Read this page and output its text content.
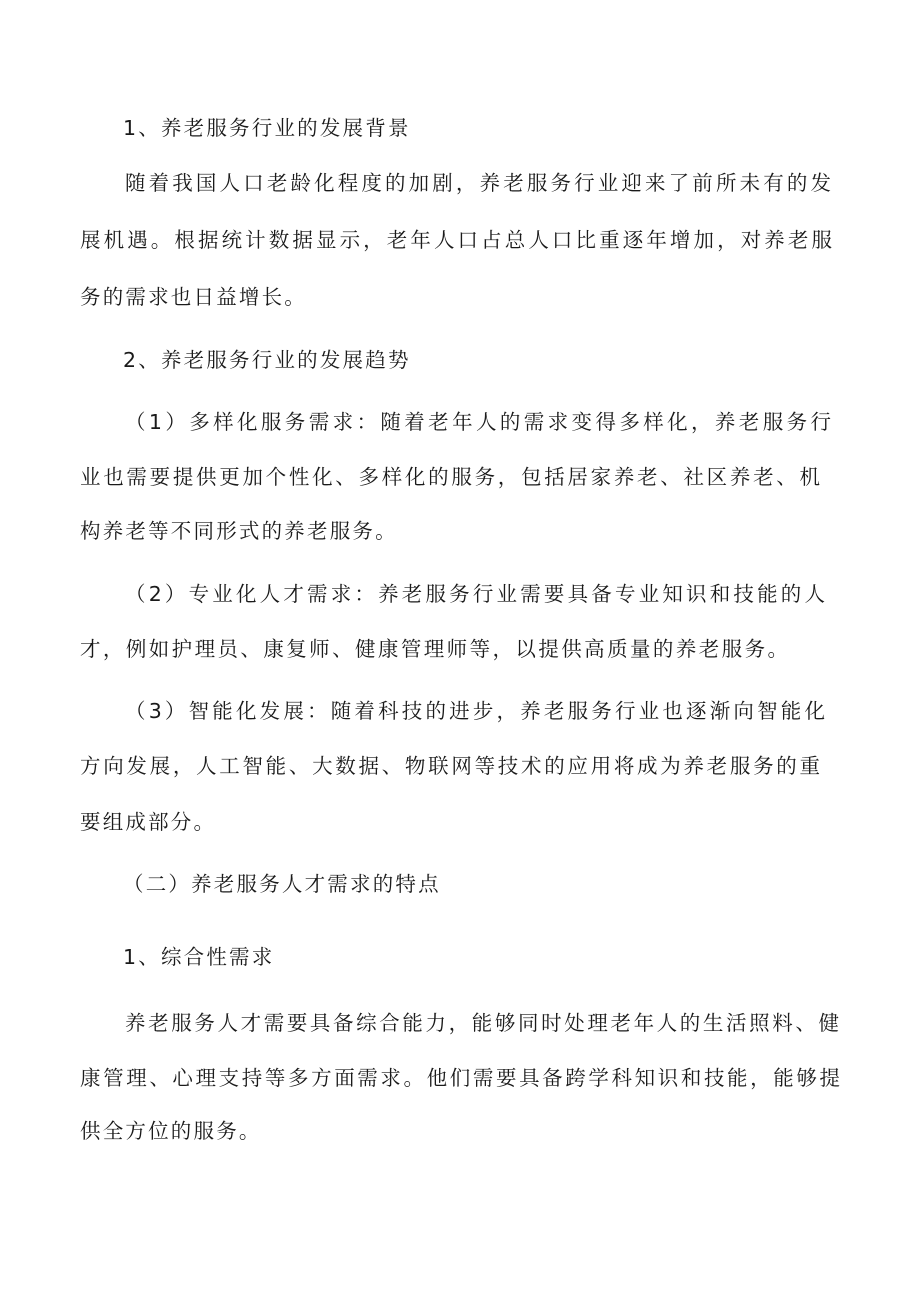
1、养老服务行业的发展背景
随着我国人口老龄化程度的加剧，养老服务行业迎来了前所未有的发
展机遇。根据统计数据显示，老年人口占总人口比重逐年增加，对养老服
务的需求也日益增长。
2、养老服务行业的发展趋势
（1）多样化服务需求：随着老年人的需求变得多样化，养老服务行
业也需要提供更加个性化、多样化的服务，包括居家养老、社区养老、机
构养老等不同形式的养老服务。
（2）专业化人才需求：养老服务行业需要具备专业知识和技能的人
才，例如护理员、康复师、健康管理师等，以提供高质量的养老服务。
（3）智能化发展：随着科技的进步，养老服务行业也逐渐向智能化
方向发展，人工智能、大数据、物联网等技术的应用将成为养老服务的重
要组成部分。
（二）养老服务人才需求的特点
1、综合性需求
养老服务人才需要具备综合能力，能够同时处理老年人的生活照料、健
康管理、心理支持等多方面需求。他们需要具备跨学科知识和技能，能够提
供全方位的服务。
